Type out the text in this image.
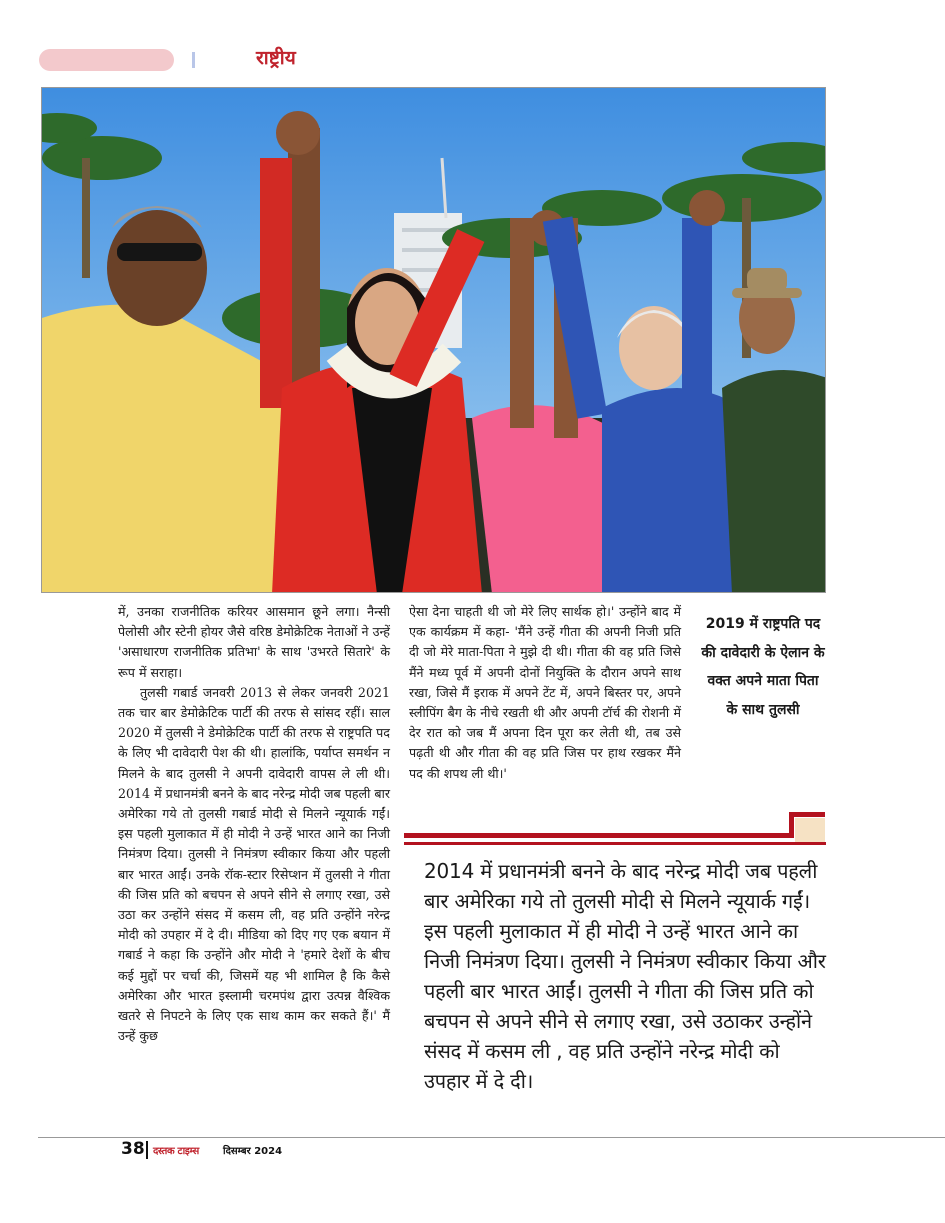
राष्ट्रीय

में, उनका राजनीतिक करियर आसमान छूने लगा। नैन्सी पेलोसी और स्टेनी होयर जैसे वरिष्ठ डेमोक्रेटिक नेताओं ने उन्हें 'असाधारण राजनीतिक प्रतिभा' के साथ 'उभरते सितारे' के रूप में सराहा।

तुलसी गबार्ड जनवरी 2013 से लेकर जनवरी 2021 तक चार बार डेमोक्रेटिक पार्टी की तरफ से सांसद रहीं। साल 2020 में तुलसी ने डेमोक्रेटिक पार्टी की तरफ से राष्ट्रपति पद के लिए भी दावेदारी पेश की थी। हालांकि, पर्याप्त समर्थन न मिलने के बाद तुलसी ने अपनी दावेदारी वापस ले ली थी। 2014 में प्रधानमंत्री बनने के बाद नरेन्द्र मोदी जब पहली बार अमेरिका गये तो तुलसी गबार्ड मोदी से मिलने न्यूयार्क गईं। इस पहली मुलाकात में ही मोदी ने उन्हें भारत आने का निजी निमंत्रण दिया। तुलसी ने निमंत्रण स्वीकार किया और पहली बार भारत आईं। उनके रॉक-स्टार रिसेप्शन में तुलसी ने गीता की जिस प्रति को बचपन से अपने सीने से लगाए रखा, उसे उठा कर उन्होंने संसद में कसम ली, वह प्रति उन्होंने नरेन्द्र मोदी को उपहार में दे दी। मीडिया को दिए गए एक बयान में गबार्ड ने कहा कि उन्होंने और मोदी ने 'हमारे देशों के बीच कई मुद्दों पर चर्चा की, जिसमें यह भी शामिल है कि कैसे अमेरिका और भारत इस्लामी चरमपंथ द्वारा उत्पन्न वैश्विक खतरे से निपटने के लिए एक साथ काम कर सकते हैं।' मैं उन्हें कुछ

ऐसा देना चाहती थी जो मेरे लिए सार्थक हो।' उन्होंने बाद में एक कार्यक्रम में कहा- 'मैंने उन्हें गीता की अपनी निजी प्रति दी जो मेरे माता-पिता ने मुझे दी थी। गीता की वह प्रति जिसे मैंने मध्य पूर्व में अपनी दोनों नियुक्ति के दौरान अपने साथ रखा, जिसे मैं इराक में अपने टेंट में, अपने बिस्तर पर, अपने स्लीपिंग बैग के नीचे रखती थी और अपनी टॉर्च की रोशनी में देर रात को जब मैं अपना दिन पूरा कर लेती थी, तब उसे पढ़ती थी और गीता की वह प्रति जिस पर हाथ रखकर मैंने पद की शपथ ली थी।'

2019 में राष्ट्रपति पद की दावेदारी के ऐलान के वक्त अपने माता पिता के साथ तुलसी
2014 में प्रधानमंत्री बनने के बाद नरेन्द्र मोदी जब पहली बार अमेरिका गये तो तुलसी मोदी से मिलने न्यूयार्क गईं। इस पहली मुलाकात में ही मोदी ने उन्हें भारत आने का निजी निमंत्रण दिया। तुलसी ने निमंत्रण स्वीकार किया और पहली बार भारत आईं। तुलसी ने गीता की जिस प्रति को बचपन से अपने सीने से लगाए रखा, उसे उठाकर उन्होंने संसद में कसम ली , वह प्रति उन्होंने नरेन्द्र मोदी को उपहार में दे दी।
38 दस्तक टाइम्स दिसम्बर 2024
